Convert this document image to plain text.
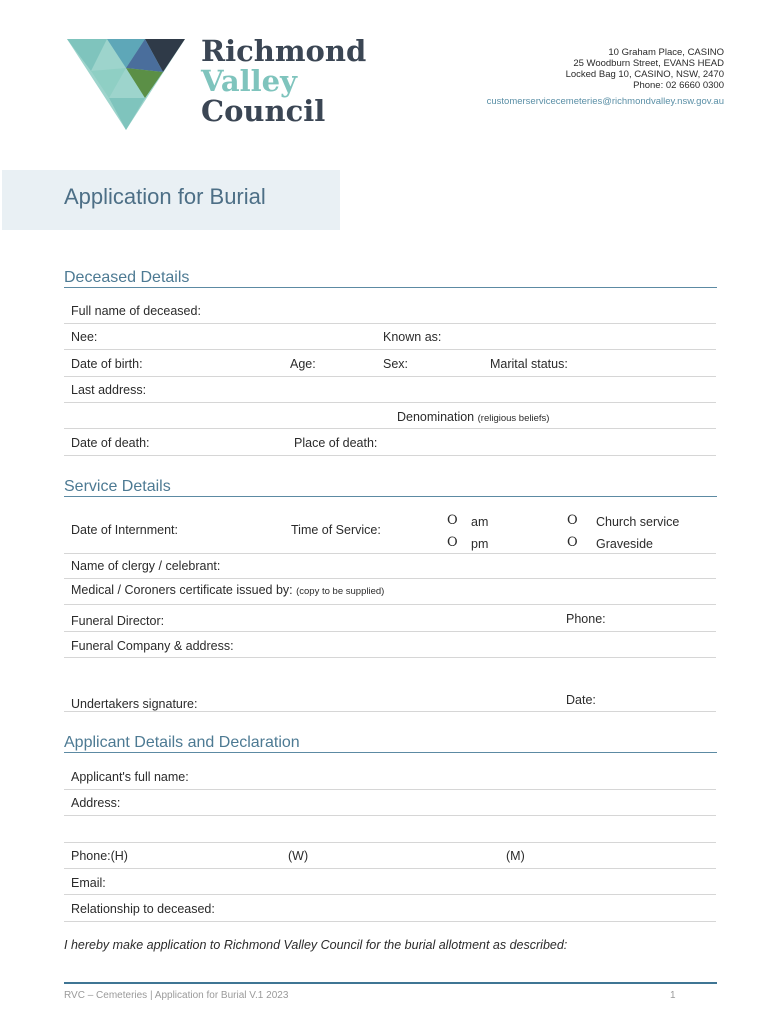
Richmond
Valley
Council
10 Graham Place, CASINO
25 Woodburn Street, EVANS HEAD
Locked Bag 10, CASINO, NSW, 2470
Phone: 02 6660 0300
customerservicecemeteries@richmondvalley.nsw.gov.au
Application for Burial
Deceased Details
Full name of deceased:
Nee:	Known as:
Date of birth:	Age:	Sex:	Marital status:
Last address:
Denomination (religious beliefs)
Date of death:	Place of death:
Service Details
Date of Internment:	Time of Service:
O am	O Church service
O pm	O Graveside
Name of clergy / celebrant:
Medical / Coroners certificate issued by: (copy to be supplied)
Funeral Director:	Phone:
Funeral Company & address:
Undertakers signature:	Date:
Applicant Details and Declaration
Applicant's full name:
Address:
Phone:(H)	(W)	(M)
Email:
Relationship to deceased:
I hereby make application to Richmond Valley Council for the burial allotment as described:
RVC – Cemeteries | Application for Burial V.1 2023	1
